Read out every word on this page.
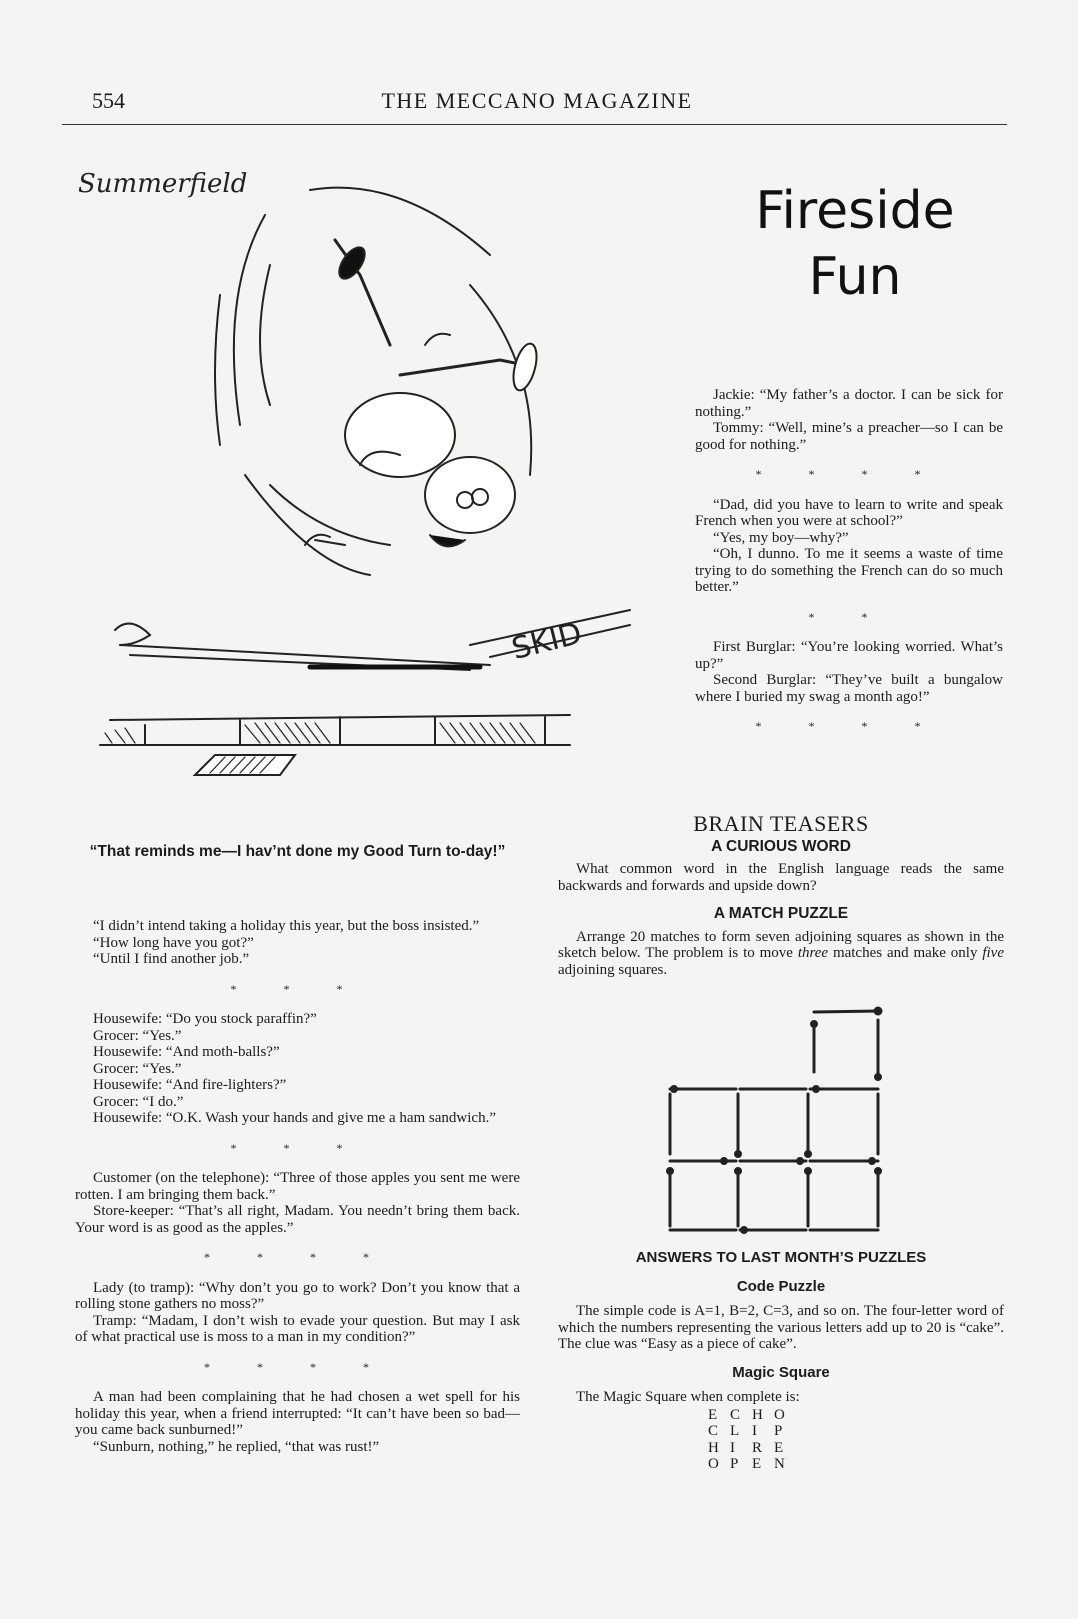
554	THE MECCANO MAGAZINE
Summerfield
SKID
Fireside
Fun

Jackie: “My father’s a doctor. I can be sick for nothing.”

Tommy: “Well, mine’s a preacher—so I can be good for nothing.”

* * * *

“Dad, did you have to learn to write and speak French when you were at school?”

“Yes, my boy—why?”

“Oh, I dunno. To me it seems a waste of time trying to do something the French can do so much better.”

* *

First Burglar: “You’re looking worried. What’s up?”

Second Burglar: “They’ve built a bungalow where I buried my swag a month ago!”

* * * *
“That reminds me—I hav’nt done my Good Turn to-day!”

“I didn’t intend taking a holiday this year, but the boss insisted.”

“How long have you got?”

“Until I find another job.”

* * *

Housewife: “Do you stock paraffin?”

Grocer: “Yes.”

Housewife: “And moth-balls?”

Grocer: “Yes.”

Housewife: “And fire-lighters?”

Grocer: “I do.”

Housewife: “O.K. Wash your hands and give me a ham sandwich.”

* * *

Customer (on the telephone): “Three of those apples you sent me were rotten. I am bringing them back.”

Store-keeper: “That’s all right, Madam. You needn’t bring them back. Your word is as good as the apples.”

* * * *

Lady (to tramp): “Why don’t you go to work? Don’t you know that a rolling stone gathers no moss?”

Tramp: “Madam, I don’t wish to evade your question. But may I ask of what practical use is moss to a man in my condition?”

* * * *

A man had been complaining that he had chosen a wet spell for his holiday this year, when a friend interrupted: “It can’t have been so bad—you came back sunburned!”

“Sunburn, nothing,” he replied, “that was rust!”

BRAIN TEASERS
A CURIOUS WORD

What common word in the English language reads the same backwards and forwards and upside down?

A MATCH PUZZLE

Arrange 20 matches to form seven adjoining squares as shown in the sketch below. The problem is to move three matches and make only five adjoining squares.

ANSWERS TO LAST MONTH’S PUZZLES
Code Puzzle

The simple code is A=1, B=2, C=3, and so on. The four-letter word of which the numbers representing the various letters add up to 20 is “cake”. The clue was “Easy as a piece of cake”.

Magic Square

The Magic Square when complete is:

E C H O
C L I	P
H I	R E
O P E N
